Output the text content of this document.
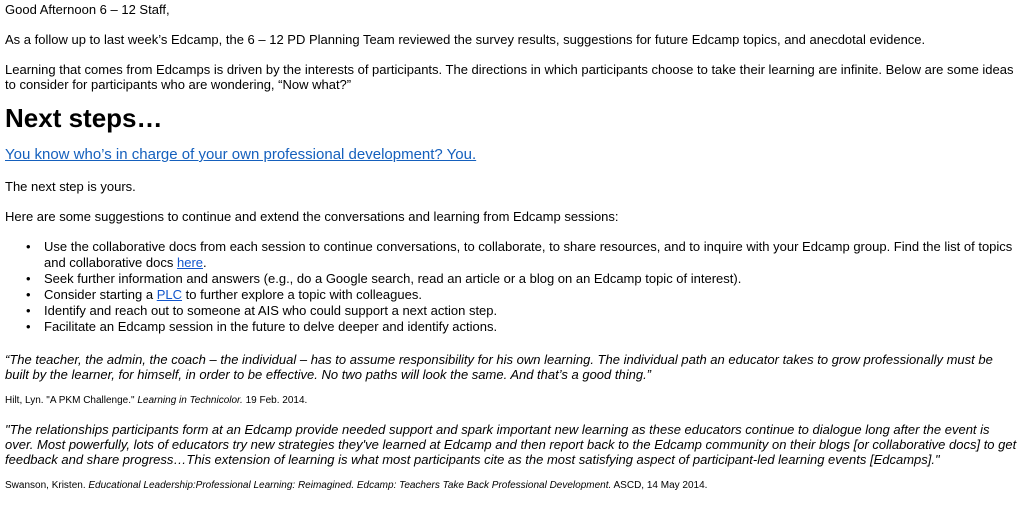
Good Afternoon 6 – 12 Staff,

As a follow up to last week’s Edcamp, the 6 – 12 PD Planning Team reviewed the survey results, suggestions for future Edcamp topics, and anecdotal evidence.

Learning that comes from Edcamps is driven by the interests of participants. The directions in which participants choose to take their learning are infinite. Below are some ideas to consider for participants who are wondering, “Now what?”

Next steps…

You know who’s in charge of your own professional development? You.

The next step is yours.

Here are some suggestions to continue and extend the conversations and learning from Edcamp sessions:

• Use the collaborative docs from each session to continue conversations, to collaborate, to share resources, and to inquire with your Edcamp group. Find the list of topics and collaborative docs here.
• Seek further information and answers (e.g., do a Google search, read an article or a blog on an Edcamp topic of interest).
• Consider starting a PLC to further explore a topic with colleagues.
• Identify and reach out to someone at AIS who could support a next action step.
• Facilitate an Edcamp session in the future to delve deeper and identify actions.

“The teacher, the admin, the coach – the individual – has to assume responsibility for his own learning. The individual path an educator takes to grow professionally must be built by the learner, for himself, in order to be effective. No two paths will look the same. And that’s a good thing.”

Hilt, Lyn. "A PKM Challenge." Learning in Technicolor. 19 Feb. 2014.

"The relationships participants form at an Edcamp provide needed support and spark important new learning as these educators continue to dialogue long after the event is over. Most powerfully, lots of educators try new strategies they've learned at Edcamp and then report back to the Edcamp community on their blogs [or collaborative docs] to get feedback and share progress…This extension of learning is what most participants cite as the most satisfying aspect of participant-led learning events [Edcamps]."

Swanson, Kristen. Educational Leadership:Professional Learning: Reimagined. Edcamp: Teachers Take Back Professional Development. ASCD, 14 May 2014.
